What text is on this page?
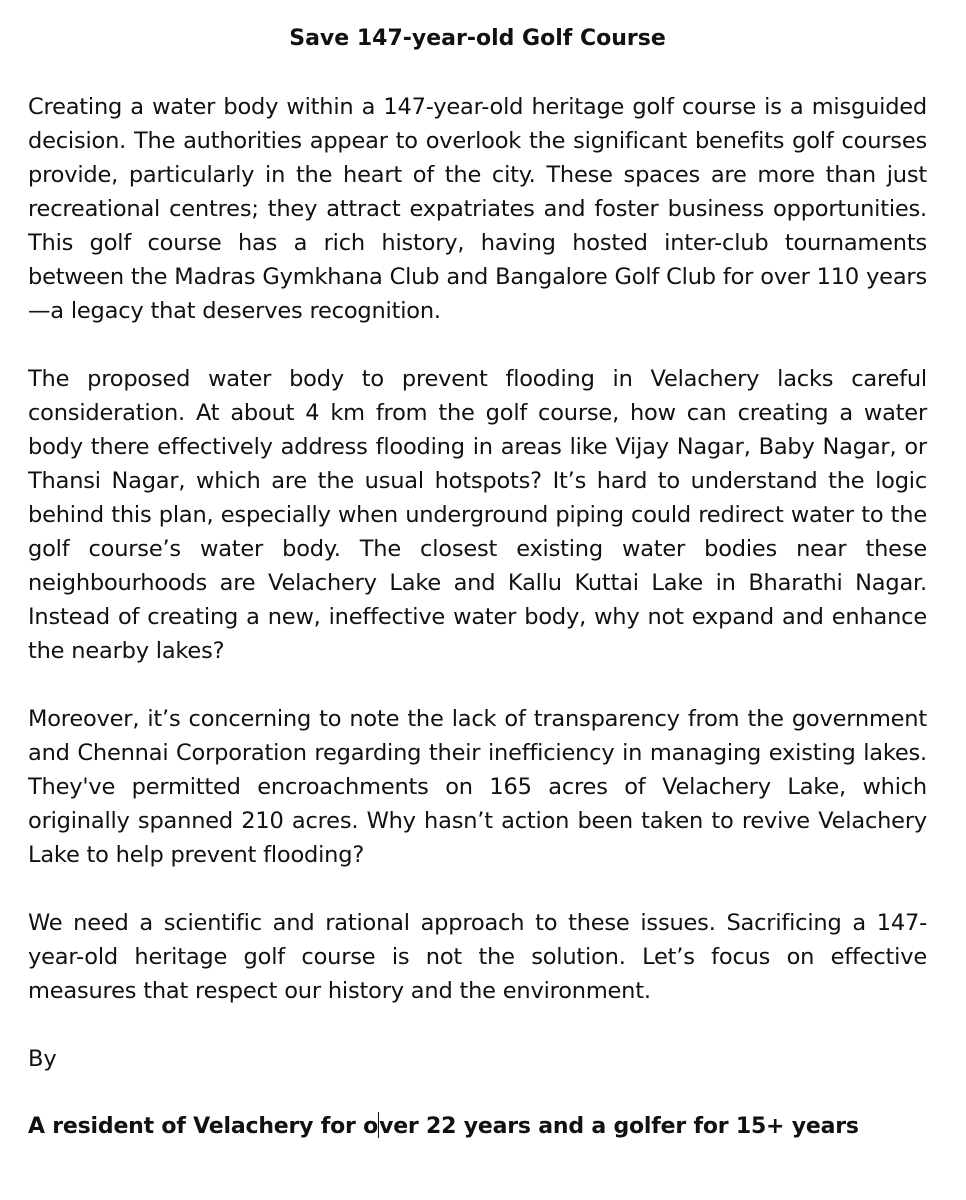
Save 147-year-old Golf Course
Creating a water body within a 147-year-old heritage golf course is a misguided decision. The authorities appear to overlook the significant benefits golf courses provide, particularly in the heart of the city. These spaces are more than just recreational centres; they attract expatriates and foster business opportunities. This golf course has a rich history, having hosted inter-club tournaments between the Madras Gymkhana Club and Bangalore Golf Club for over 110 years—a legacy that deserves recognition.
The proposed water body to prevent flooding in Velachery lacks careful consideration. At about 4 km from the golf course, how can creating a water body there effectively address flooding in areas like Vijay Nagar, Baby Nagar, or Thansi Nagar, which are the usual hotspots? It’s hard to understand the logic behind this plan, especially when underground piping could redirect water to the golf course’s water body. The closest existing water bodies near these neighbourhoods are Velachery Lake and Kallu Kuttai Lake in Bharathi Nagar. Instead of creating a new, ineffective water body, why not expand and enhance the nearby lakes?
Moreover, it’s concerning to note the lack of transparency from the government and Chennai Corporation regarding their inefficiency in managing existing lakes. They've permitted encroachments on 165 acres of Velachery Lake, which originally spanned 210 acres. Why hasn’t action been taken to revive Velachery Lake to help prevent flooding?
We need a scientific and rational approach to these issues. Sacrificing a 147-year-old heritage golf course is not the solution. Let’s focus on effective measures that respect our history and the environment.
By
A resident of Velachery for over 22 years and a golfer for 15+ years
